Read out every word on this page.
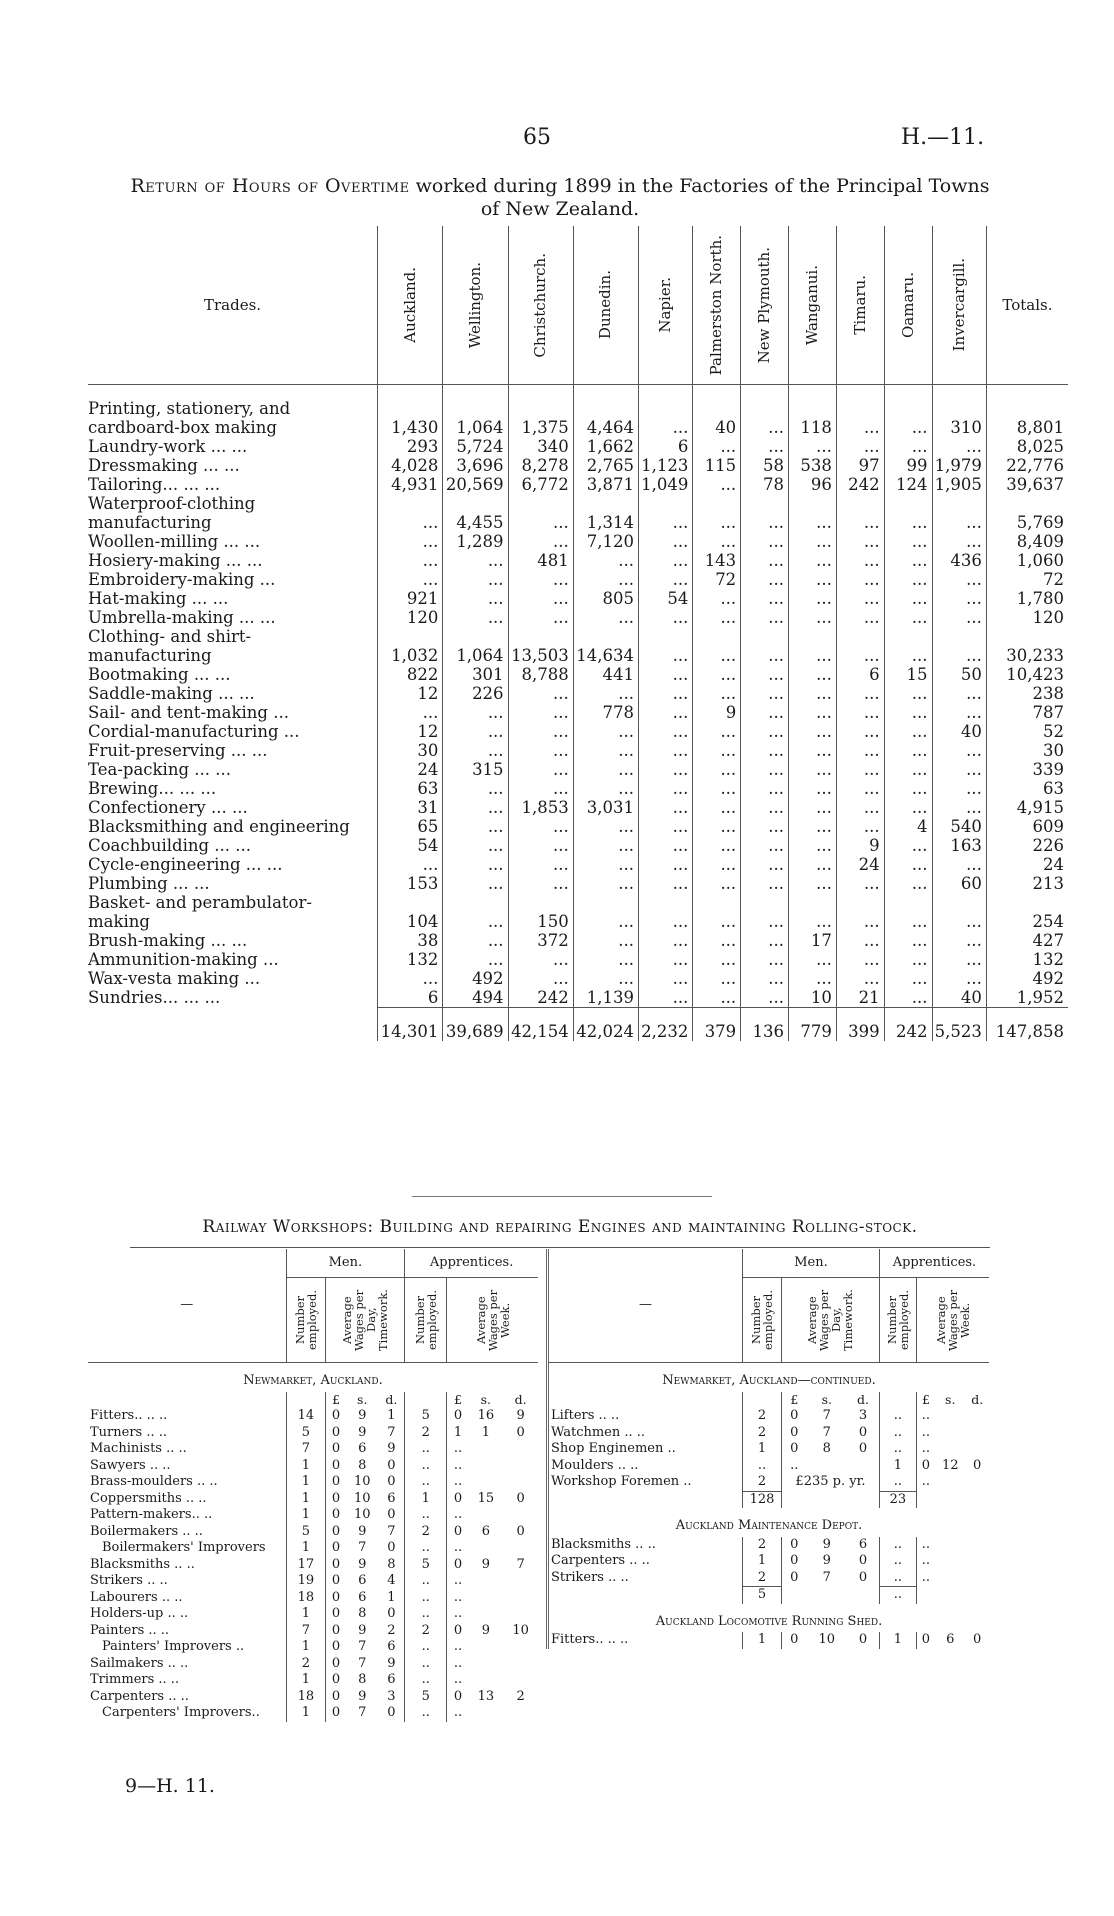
65	H.—11.
Return of Hours of Overtime worked during 1899 in the Factories of the Principal Towns
of New Zealand.
Trades.	Auckland.	Wellington.	Christchurch.	Dunedin.	Napier.	Palmerston North.	New Plymouth.	Wanganui.	Timaru.	Oamaru.	Invercargill.	Totals.
Printing, stationery, and cardboard-box making	1,430	1,064	1,375	4,464	...	40	...	118	...	...	310	8,801
Laundry-work ... ...	293	5,724	340	1,662	6	...	...	...	...	...	...	8,025
Dressmaking ... ...	4,028	3,696	8,278	2,765	1,123	115	58	538	97	99	1,979	22,776
Tailoring... ... ...	4,931	20,569	6,772	3,871	1,049	...	78	96	242	124	1,905	39,637
Waterproof-clothing manufacturing	...	4,455	...	1,314	...	...	...	...	...	...	...	5,769
Woollen-milling ... ...	...	1,289	...	7,120	...	...	...	...	...	...	...	8,409
Hosiery-making ... ...	...	...	481	...	...	143	...	...	...	...	436	1,060
Embroidery-making ...	...	...	...	...	...	72	...	...	...	...	...	72
Hat-making ... ...	921	...	...	805	54	...	...	...	...	...	...	1,780
Umbrella-making ... ...	120	...	...	...	...	...	...	...	...	...	...	120
Clothing- and shirt-manufacturing	1,032	1,064	13,503	14,634	...	...	...	...	...	...	...	30,233
Bootmaking ... ...	822	301	8,788	441	...	...	...	...	6	15	50	10,423
Saddle-making ... ...	12	226	...	...	...	...	...	...	...	...	...	238
Sail- and tent-making ...	...	...	...	778	...	9	...	...	...	...	...	787
Cordial-manufacturing ...	12	...	...	...	...	...	...	...	...	...	40	52
Fruit-preserving ... ...	30	...	...	...	...	...	...	...	...	...	...	30
Tea-packing ... ...	24	315	...	...	...	...	...	...	...	...	...	339
Brewing... ... ...	63	...	...	...	...	...	...	...	...	...	...	63
Confectionery ... ...	31	...	1,853	3,031	...	...	...	...	...	...	...	4,915
Blacksmithing and engineering	65	...	...	...	...	...	...	...	...	4	540	609
Coachbuilding ... ...	54	...	...	...	...	...	...	...	9	...	163	226
Cycle-engineering ... ...	...	...	...	...	...	...	...	...	24	...	...	24
Plumbing ... ...	153	...	...	...	...	...	...	...	...	...	60	213
Basket- and perambulator-making	104	...	150	...	...	...	...	...	...	...	...	254
Brush-making ... ...	38	...	372	...	...	...	...	17	...	...	...	427
Ammunition-making ...	132	...	...	...	...	...	...	...	...	...	...	132
Wax-vesta making ...	...	492	...	...	...	...	...	...	...	...	...	492
Sundries... ... ...	6	494	242	1,139	...	...	...	10	21	...	40	1,952
	14,301	39,689	42,154	42,024	2,232	379	136	779	399	242	5,523	147,858
Railway Workshops: Building and repairing Engines and maintaining Rolling-stock.
—	Men.				Apprentices.			

	Number employed.	Average Wages per Day, Timework.			Number employed.	Average Wages per Week.		

Newmarket, Auckland.								
		£	s.	d.		£	s.	d.
Fitters.. .. ..	14	0	9	1	5	0	16	9
Turners .. ..	5	0	9	7	2	1	1	0
Machinists .. ..	7	0	6	9	..	..		
Sawyers .. ..	1	0	8	0	..	..		
Brass-moulders .. ..	1	0	10	0	..	..		
Coppersmiths .. ..	1	0	10	6	1	0	15	0
Pattern-makers.. ..	1	0	10	0	..	..		
Boilermakers .. ..	5	0	9	7	2	0	6	0
Boilermakers' Improvers	1	0	7	0	..	..		
Blacksmiths .. ..	17	0	9	8	5	0	9	7
Strikers .. ..	19	0	6	4	..	..		
Labourers .. ..	18	0	6	1	..	..		
Holders-up .. ..	1	0	8	0	..	..		
Painters .. ..	7	0	9	2	2	0	9	10
Painters' Improvers ..	1	0	7	6	..	..		
Sailmakers .. ..	2	0	7	9	..	..		
Trimmers .. ..	1	0	8	6	..	..		
Carpenters .. ..	18	0	9	3	5	0	13	2
Carpenters' Improvers..	1	0	7	0	..	..		
—	Men.				Apprentices.			

	Number employed.	Average Wages per Day, Timework.			Number employed.	Average Wages per Week.		

Newmarket, Auckland—continued.								
		£	s.	d.		£	s.	d.
Lifters .. ..	2	0	7	3	..	..		
Watchmen .. ..	2	0	7	0	..	..		
Shop Enginemen ..	1	0	8	0	..	..		
Moulders .. ..	..	..			1	0	12	0
Workshop Foremen ..	2	£235 p. yr.			..	..		
	128				23			
Auckland Maintenance Depot.								
Blacksmiths .. ..	2	0	9	6	..	..		
Carpenters .. ..	1	0	9	0	..	..		
Strikers .. ..	2	0	7	0	..	..		
	5				..			
Auckland Locomotive Running Shed.								
Fitters.. .. ..	1	0	10	0	1	0	6	0
9—H. 11.
